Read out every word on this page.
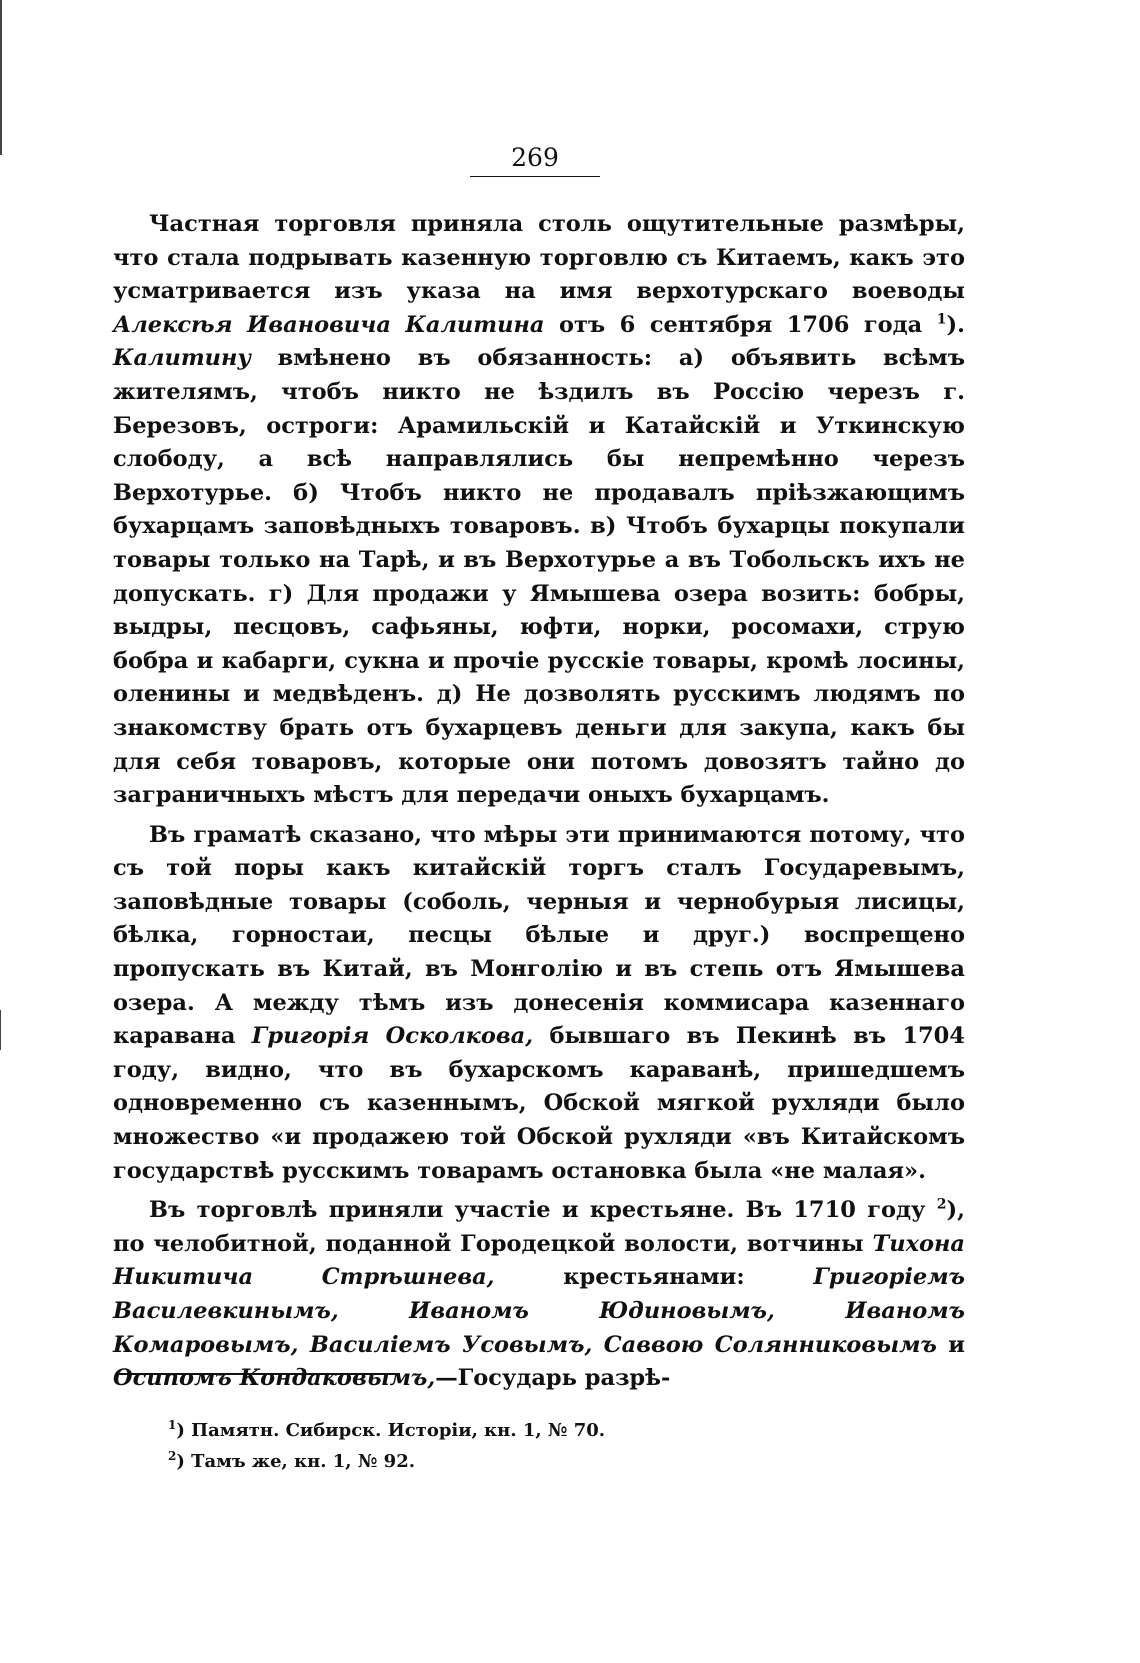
269

Частная торговля приняла столь ощутительные размѣры, что стала подрывать казенную торговлю съ Китаемъ, какъ это усматривается изъ указа на имя верхотурскаго воеводы Алексѣя Ивановича Калитина отъ 6 сентября 1706 года $^1$). Калитину вмѣнено въ обязанность: а) объявить всѣмъ жителямъ, чтобъ никто не ѣздилъ въ Россію черезъ г. Березовъ, остроги: Арамильскій и Катайскій и Уткинскую слободу, а всѣ направлялись бы непремѣнно черезъ Верхотурье. б) Чтобъ никто не продавалъ пріѣзжающимъ бухарцамъ заповѣдныхъ товаровъ. в) Чтобъ бухарцы покупали товары только на Тарѣ, и въ Верхотурье а въ Тобольскъ ихъ не допускать. г) Для продажи у Ямышева озера возить: бобры, выдры, песцовъ, сафьяны, юфти, норки, росомахи, струю бобра и кабарги, сукна и прочіе русскіе товары, кромѣ лосины, оленины и медвѣденъ. д) Не дозволять русскимъ людямъ по знакомству брать отъ бухарцевъ деньги для закупа, какъ бы для себя товаровъ, которые они потомъ довозятъ тайно до заграничныхъ мѣстъ для передачи оныхъ бухарцамъ.

Въ граматѣ сказано, что мѣры эти принимаются потому, что съ той поры какъ китайскій торгъ сталъ Государевымъ, заповѣдные товары (соболь, черныя и чернобурыя лисицы, бѣлка, горностаи, песцы бѣлые и друг.) воспрещено пропускать въ Китай, въ Монголію и въ степь отъ Ямышева озера. А между тѣмъ изъ донесенія коммисара казеннаго каравана Григорія Осколкова, бывшаго въ Пекинѣ въ 1704 году, видно, что въ бухарскомъ караванѣ, пришедшемъ одновременно съ казеннымъ, Обской мягкой рухляди было множество «и продажею той Обской рухляди «въ Китайскомъ государствѣ русскимъ товарамъ остановка была «не малая».

Въ торговлѣ приняли участіе и крестьяне. Въ 1710 году $^2$), по челобитной, поданной Городецкой волости, вотчины Тихона Никитича Стрѣшнева, крестьянами: Григоріемъ Василевкинымъ, Иваномъ Юдиновымъ, Иваномъ Комаровымъ, Василіемъ Усовымъ, Саввою Солянниковымъ и Осипомъ Кондаковымъ,—Государь разрѣ-

$^1$) Памятн. Сибирск. Исторіи, кн. 1, № 70.
$^2$) Тамъ же, кн. 1, № 92.
